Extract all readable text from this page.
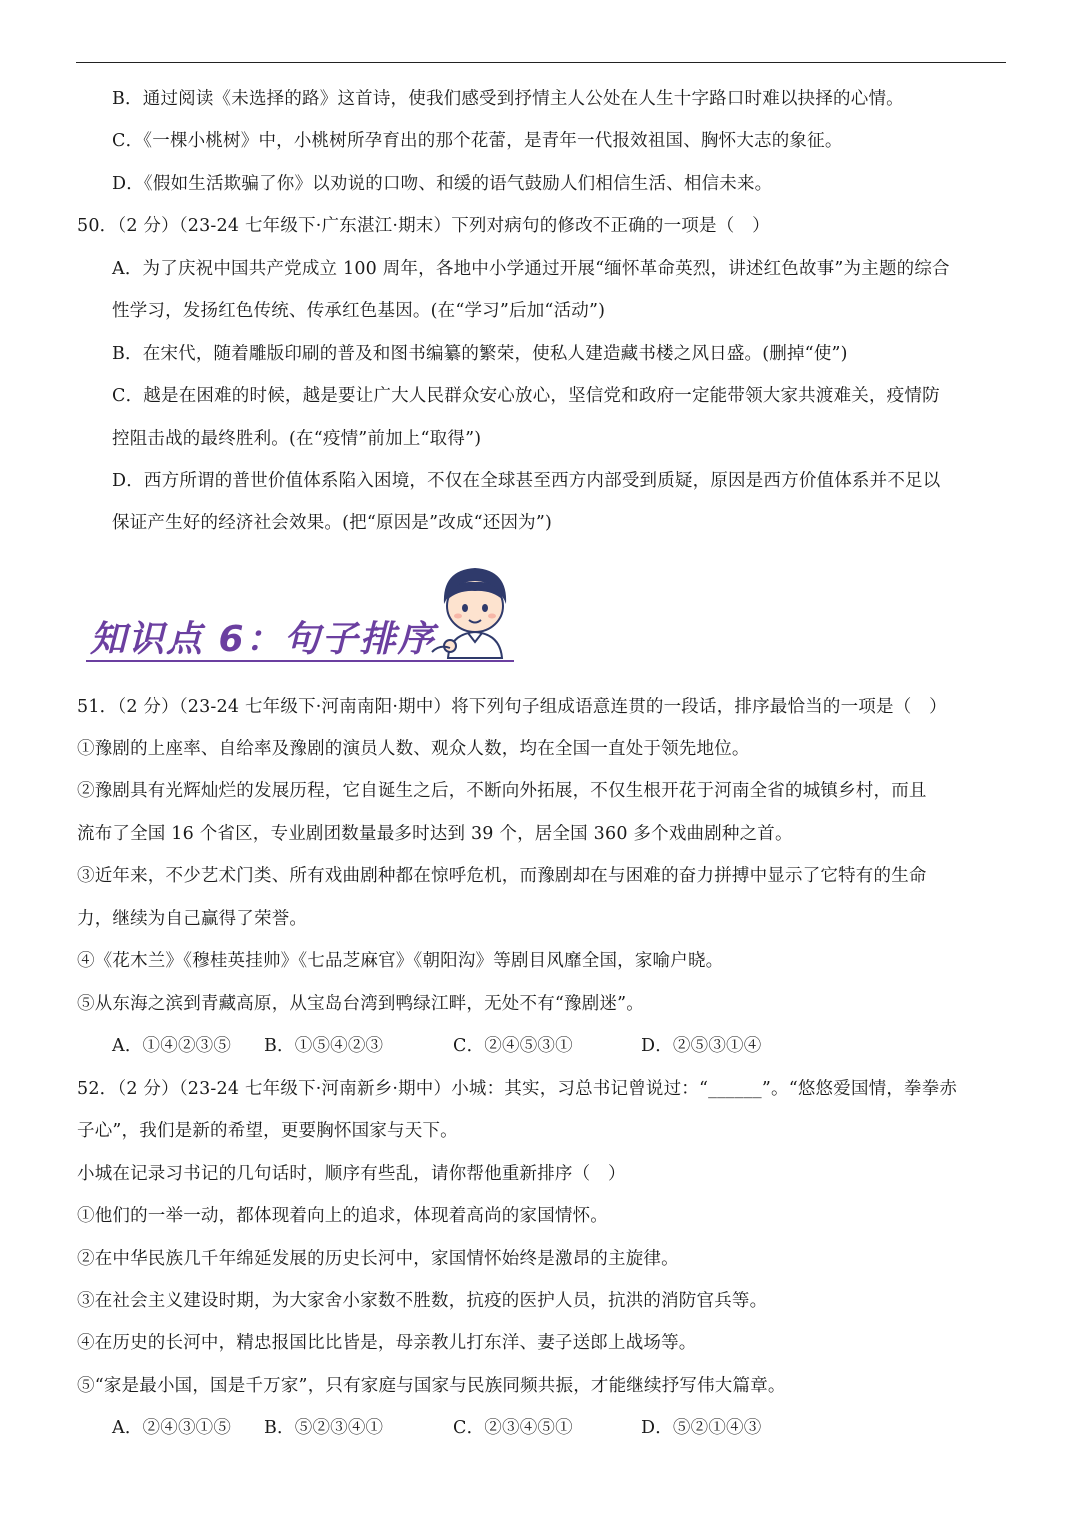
B．通过阅读《未选择的路》这首诗，使我们感受到抒情主人公处在人生十字路口时难以抉择的心情。
C．《一棵小桃树》中，小桃树所孕育出的那个花蕾，是青年一代报效祖国、胸怀大志的象征。
D．《假如生活欺骗了你》以劝说的口吻、和缓的语气鼓励人们相信生活、相信未来。
50．（2 分）（23-24 七年级下·广东湛江·期末）下列对病句的修改不正确的一项是（　）
A．为了庆祝中国共产党成立 100 周年，各地中小学通过开展“缅怀革命英烈，讲述红色故事”为主题的综合
性学习，发扬红色传统、传承红色基因。(在“学习”后加“活动”)
B．在宋代，随着雕版印刷的普及和图书编纂的繁荣，使私人建造藏书楼之风日盛。(删掉“使”)
C．越是在困难的时候，越是要让广大人民群众安心放心，坚信党和政府一定能带领大家共渡难关，疫情防
控阻击战的最终胜利。(在“疫情”前加上“取得”)
D．西方所谓的普世价值体系陷入困境，不仅在全球甚至西方内部受到质疑，原因是西方价值体系并不足以
保证产生好的经济社会效果。(把“原因是”改成“还因为”)
知识点 6：句子排序
51．（2 分）（23-24 七年级下·河南南阳·期中）将下列句子组成语意连贯的一段话，排序最恰当的一项是（　）
①豫剧的上座率、自给率及豫剧的演员人数、观众人数，均在全国一直处于领先地位。
②豫剧具有光辉灿烂的发展历程，它自诞生之后，不断向外拓展，不仅生根开花于河南全省的城镇乡村，而且
流布了全国 16 个省区，专业剧团数量最多时达到 39 个，居全国 360 多个戏曲剧种之首。
③近年来，不少艺术门类、所有戏曲剧种都在惊呼危机，而豫剧却在与困难的奋力拼搏中显示了它特有的生命
力，继续为自己赢得了荣誉。
④《花木兰》《穆桂英挂帅》《七品芝麻官》《朝阳沟》等剧目风靡全国，家喻户晓。
⑤从东海之滨到青藏高原，从宝岛台湾到鸭绿江畔，无处不有“豫剧迷”。
A．①④②③⑤ B．①⑤④②③	C．②④⑤③①	D．②⑤③①④
52．（2 分）（23-24 七年级下·河南新乡·期中）小城：其实，习总书记曾说过：“______”。“悠悠爱国情，拳拳赤
子心”，我们是新的希望，更要胸怀国家与天下。
小城在记录习书记的几句话时，顺序有些乱，请你帮他重新排序（　）
①他们的一举一动，都体现着向上的追求，体现着高尚的家国情怀。
②在中华民族几千年绵延发展的历史长河中，家国情怀始终是激昂的主旋律。
③在社会主义建设时期，为大家舍小家数不胜数，抗疫的医护人员，抗洪的消防官兵等。
④在历史的长河中，精忠报国比比皆是，母亲教儿打东洋、妻子送郎上战场等。
⑤“家是最小国，国是千万家”，只有家庭与国家与民族同频共振，才能继续抒写伟大篇章。
A．②④③①⑤ B．⑤②③④①	C．②③④⑤①	D．⑤②①④③
